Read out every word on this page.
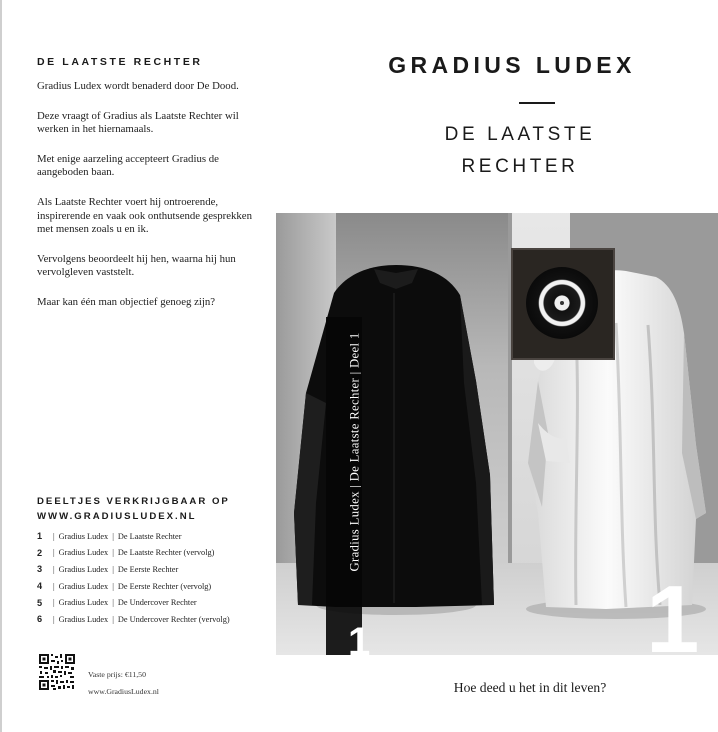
DE LAATSTE RECHTER

Gradius Ludex wordt benaderd door De Dood.

Deze vraagt of Gradius als Laatste Rechter wil werken in het hiernamaals.

Met enige aarzeling accepteert Gradius de aangeboden baan.

Als Laatste Rechter voert hij ontroerende, inspirerende en vaak ook onthutsende gesprekken met mensen zoals u en ik.

Vervolgens beoordeelt hij hen, waarna hij hun vervolgleven vaststelt.

Maar kan één man objectief genoeg zijn?

DEELTJES VERKRIJGBAAR OP
WWW.GRADIUSLUDEX.NL
1	| Gradius Ludex | De Laatste Rechter
2	| Gradius Ludex | De Laatste Rechter (vervolg)
3	| Gradius Ludex | De Eerste Rechter
4	| Gradius Ludex | De Eerste Rechter (vervolg)
5	| Gradius Ludex | De Undercover Rechter
6	| Gradius Ludex | De Undercover Rechter (vervolg)
Vaste prijs: €11,50
www.GradiusLudex.nl
GRADIUS LUDEX
DE LAATSTE
RECHTER
Gradius Ludex | De Laatste Rechter | Deel 1
1	1
Hoe deed u het in dit leven?
